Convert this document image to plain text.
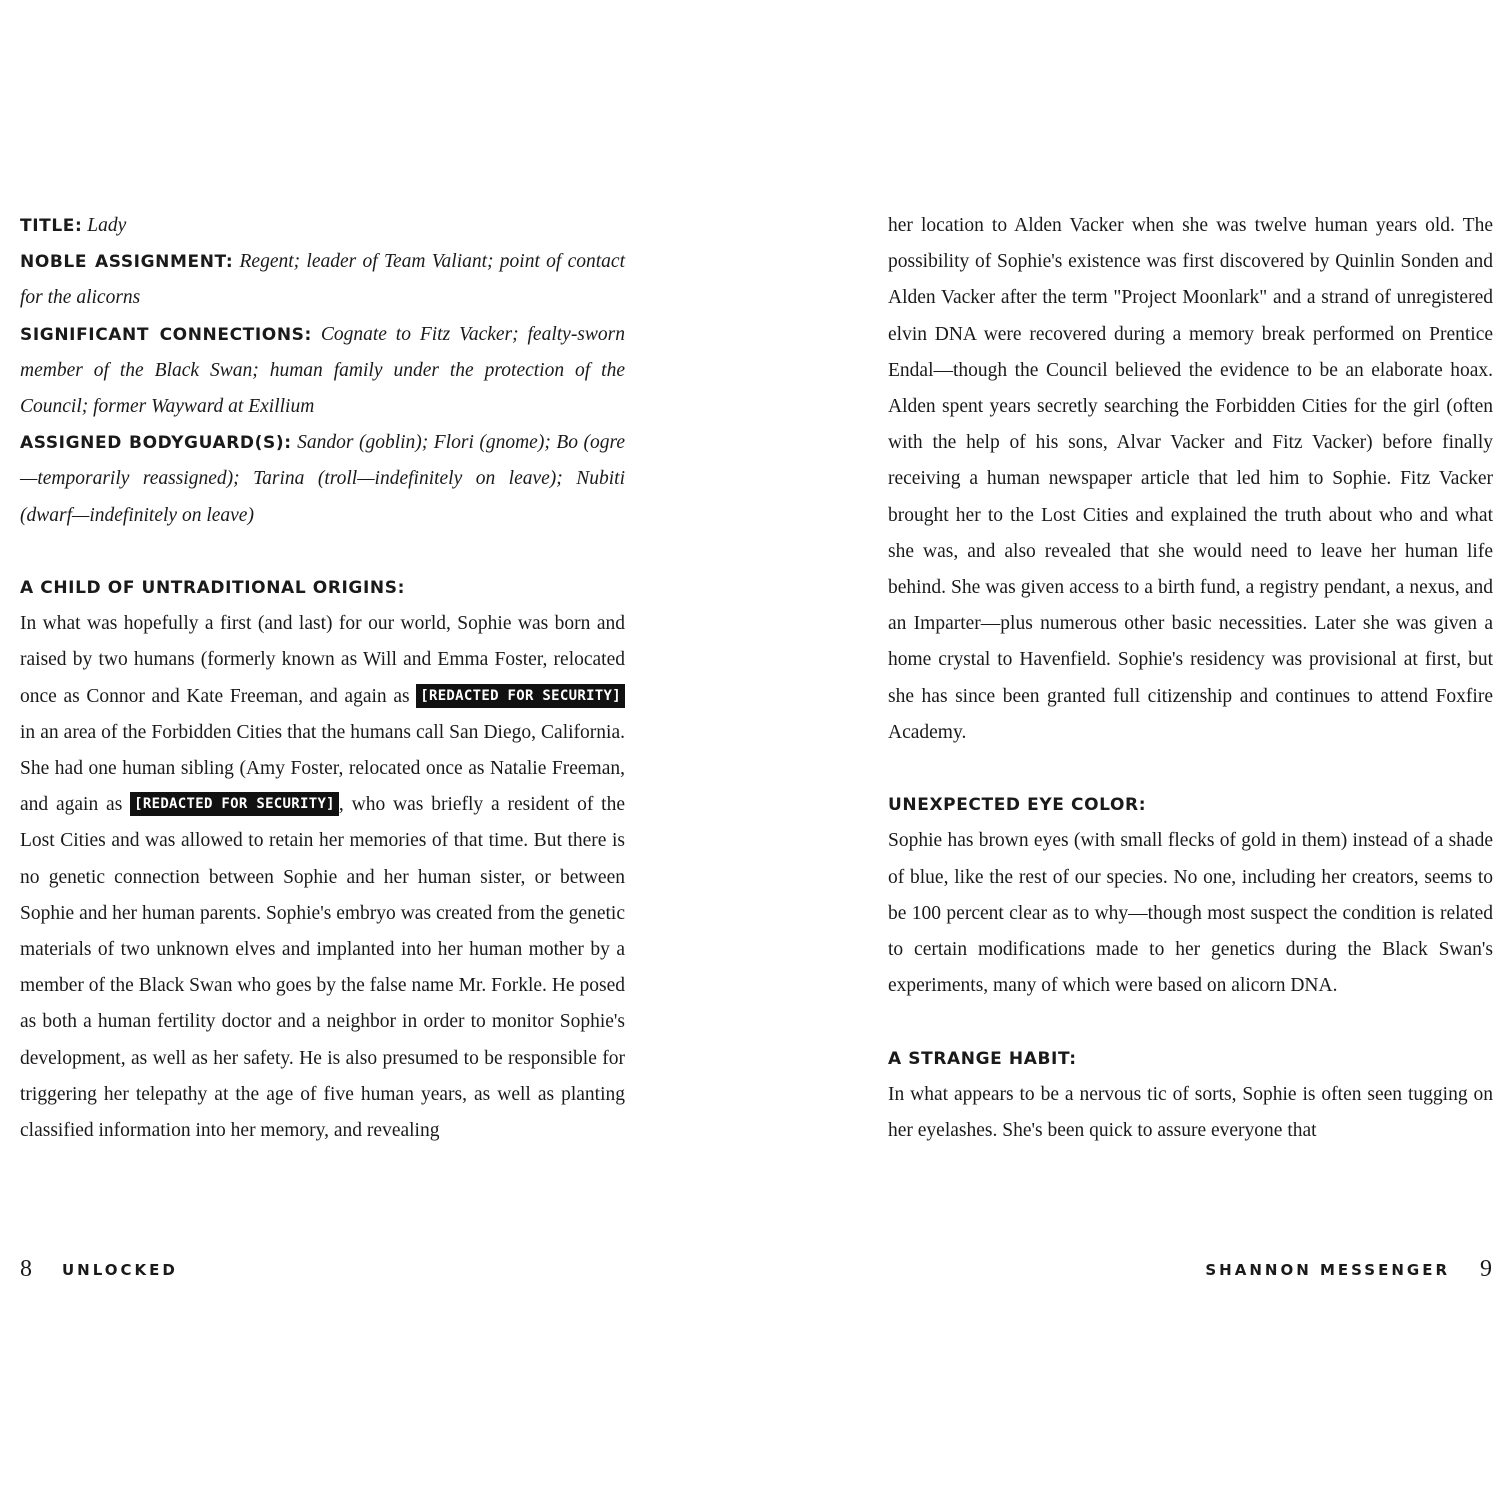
TITLE: Lady

NOBLE ASSIGNMENT: Regent; leader of Team Valiant; point of contact for the alicorns

SIGNIFICANT CONNECTIONS: Cognate to Fitz Vacker; fealty-sworn member of the Black Swan; human family under the protection of the Council; former Wayward at Exillium

ASSIGNED BODYGUARD(S): Sandor (goblin); Flori (gnome); Bo (ogre—temporarily reassigned); Tarina (troll—indefinitely on leave); Nubiti (dwarf—indefinitely on leave)

A CHILD OF UNTRADITIONAL ORIGINS:

In what was hopefully a first (and last) for our world, Sophie was born and raised by two humans (formerly known as Will and Emma Foster, relocated once as Connor and Kate Freeman, and again as [REDACTED FOR SECURITY] in an area of the Forbidden Cities that the humans call San Diego, California. She had one human sibling (Amy Foster, relocated once as Natalie Freeman, and again as [REDACTED FOR SECURITY] , who was briefly a resident of the Lost Cities and was allowed to retain her memories of that time. But there is no genetic connection between Sophie and her human sister, or between Sophie and her human parents. Sophie's embryo was created from the genetic materials of two unknown elves and implanted into her human mother by a member of the Black Swan who goes by the false name Mr. Forkle. He posed as both a human fertility doctor and a neighbor in order to monitor Sophie's development, as well as her safety. He is also presumed to be responsible for triggering her telepathy at the age of five human years, as well as planting classified information into her memory, and revealing

her location to Alden Vacker when she was twelve human years old. The possibility of Sophie's existence was first discovered by Quinlin Sonden and Alden Vacker after the term "Project Moonlark" and a strand of unregistered elvin DNA were recovered during a memory break performed on Prentice Endal—though the Council believed the evidence to be an elaborate hoax. Alden spent years secretly searching the Forbidden Cities for the girl (often with the help of his sons, Alvar Vacker and Fitz Vacker) before finally receiving a human newspaper article that led him to Sophie. Fitz Vacker brought her to the Lost Cities and explained the truth about who and what she was, and also revealed that she would need to leave her human life behind. She was given access to a birth fund, a registry pendant, a nexus, and an Imparter—plus numerous other basic necessities. Later she was given a home crystal to Havenfield. Sophie's residency was provisional at first, but she has since been granted full citizenship and continues to attend Foxfire Academy.

UNEXPECTED EYE COLOR:

Sophie has brown eyes (with small flecks of gold in them) instead of a shade of blue, like the rest of our species. No one, including her creators, seems to be 100 percent clear as to why—though most suspect the condition is related to certain modifications made to her genetics during the Black Swan's experiments, many of which were based on alicorn DNA.

A STRANGE HABIT:

In what appears to be a nervous tic of sorts, Sophie is often seen tugging on her eyelashes. She's been quick to assure everyone that

8 UNLOCKED	SHANNON MESSENGER 9
